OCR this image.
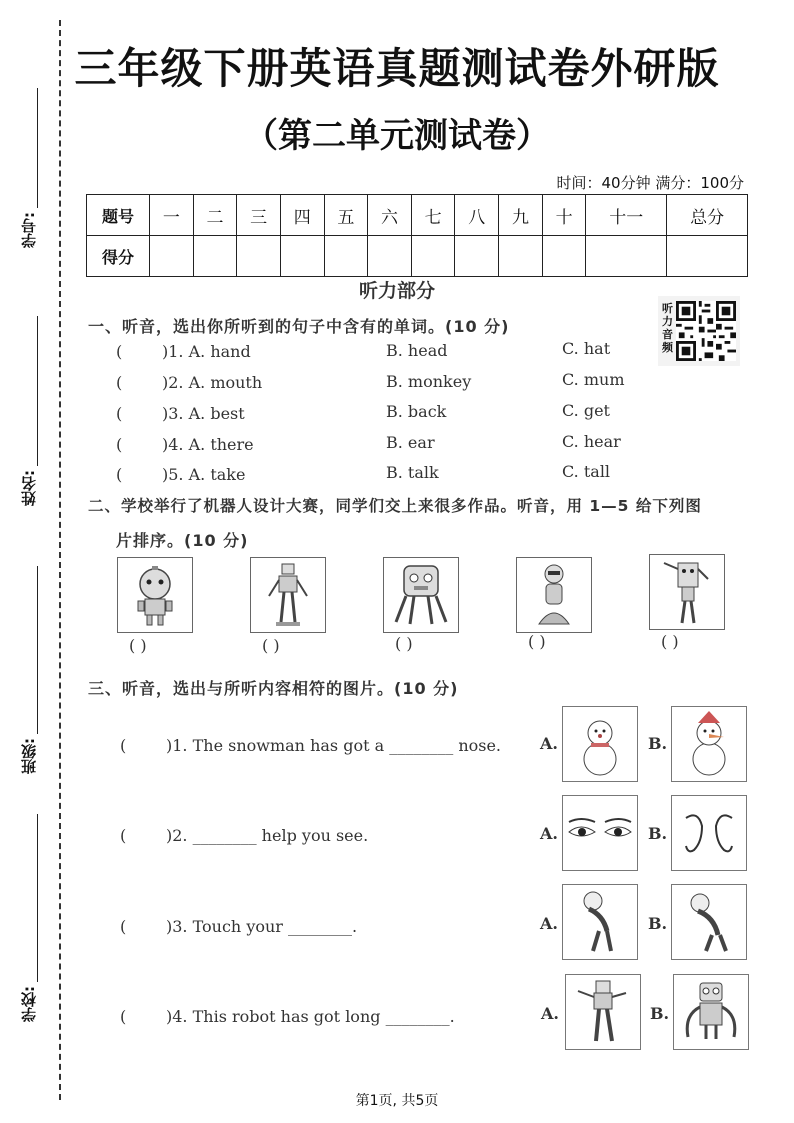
学号:
姓名:
班级:
学校:
三年级下册英语真题测试卷外研版
（第二单元测试卷）
时间：40分钟 满分：100分
题号	一	二	三	四	五	六	七	八	九	十	十一	总分
得分												
听力部分
听力音频
一、听音，选出你所听到的句子中含有的单词。(10 分)
( )1. A. hand	B. head	C. hat
( )2. A. mouth	B. monkey	C. mum
( )3. A. best	B. back	C. get
( )4. A. there	B. ear	C. hear
( )5. A. take	B. talk	C. tall
二、学校举行了机器人设计大赛，同学们交上来很多作品。听音，用 1—5 给下列图
片排序。(10 分)
( )	( )	( )	( )	( )
三、听音，选出与所听内容相符的图片。(10 分)
( )1. The snowman has got a ________ nose. A.	B.
( )2. ________ help you see.	A.	B.
( )3. Touch your ________.	A.	B.
( )4. This robot has got long ________.	A.	B.
第1页, 共5页
